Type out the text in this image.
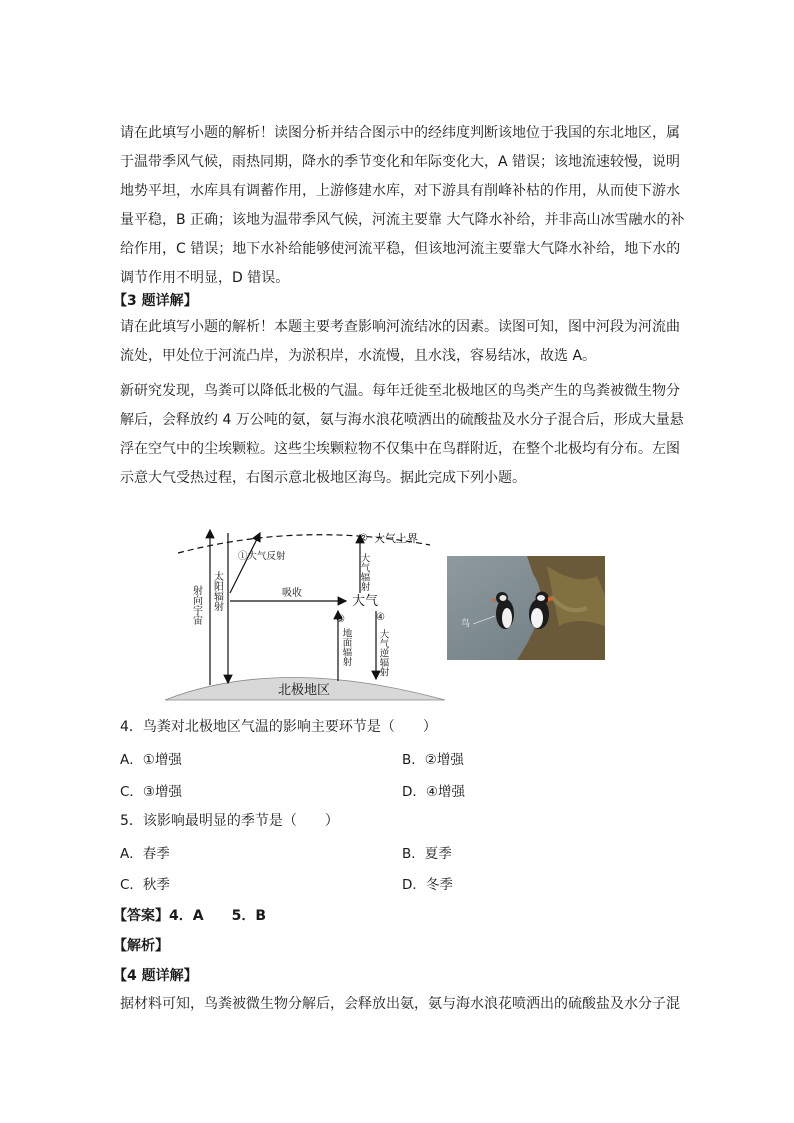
请在此填写小题的解析！读图分析并结合图示中的经纬度判断该地位于我国的东北地区，属
于温带季风气候，雨热同期，降水的季节变化和年际变化大，A 错误；该地流速较慢，说明
地势平坦，水库具有调蓄作用，上游修建水库，对下游具有削峰补枯的作用，从而使下游水
量平稳，B 正确；该地为温带季风气候，河流主要靠 大气降水补给，并非高山冰雪融水的补
给作用，C 错误；地下水补给能够使河流平稳，但该地河流主要靠大气降水补给，地下水的
调节作用不明显，D 错误。

【3 题详解】

请在此填写小题的解析！本题主要考查影响河流结冰的因素。读图可知，图中河段为河流曲
流处，甲处位于河流凸岸，为淤积岸，水流慢，且水浅，容易结冰，故选 A。
新研究发现，鸟粪可以降低北极的气温。每年迁徙至北极地区的鸟类产生的鸟粪被微生物分
解后，会释放约 4 万公吨的氨，氨与海水浪花喷洒出的硫酸盐及水分子混合后，形成大量悬
浮在空气中的尘埃颗粒。这些尘埃颗粒物不仅集中在鸟群附近，在整个北极均有分布。左图
示意大气受热过程，右图示意北极地区海鸟。据此完成下列小题。
大气上界
北极地区
①大气反射
②
大气辐射
射向宇宙 太阳辐射	吸收
大气
③
地面辐射
④
大气逆辐射
鸟

4．鸟粪对北极地区气温的影响主要环节是（　　）

A．①增强	B．②增强

C．③增强	D．④增强

5．该影响最明显的季节是（　　）

A．春季	B．夏季

C．秋季	D．冬季

【答案】4．A　　5．B

【解析】

【4 题详解】

据材料可知，鸟粪被微生物分解后，会释放出氨，氨与海水浪花喷洒出的硫酸盐及水分子混
